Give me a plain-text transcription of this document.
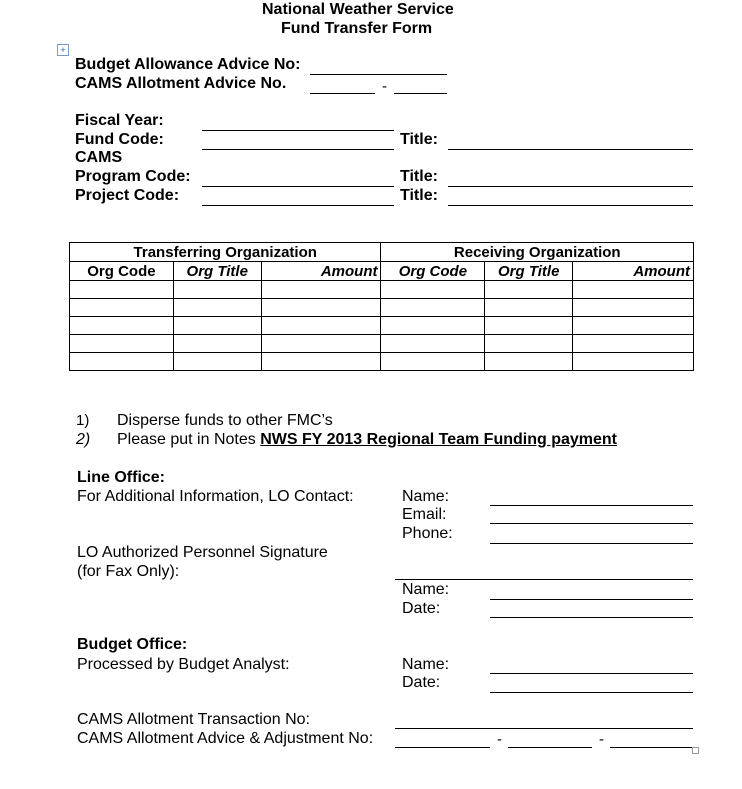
National Weather Service
Fund Transfer Form
+
Budget Allowance Advice No:
CAMS Allotment Advice No.	-
Fiscal Year:
Fund Code:	Title:
CAMS
Program Code:	Title:
Project Code:	Title:
Transferring Organization			Receiving Organization		
Org Code	Org Title	Amount	Org Code	Org Title	Amount

1) Disperse funds to other FMC’s
2) Please put in Notes NWS FY 2013 Regional Team Funding payment
Line Office:
For Additional Information, LO Contact:	Name:
Email:
Phone:
LO Authorized Personnel Signature
(for Fax Only):
Name:
Date:
Budget Office:
Processed by Budget Analyst:	Name:
Date:
CAMS Allotment Transaction No:
CAMS Allotment Advice & Adjustment No:	-	-
